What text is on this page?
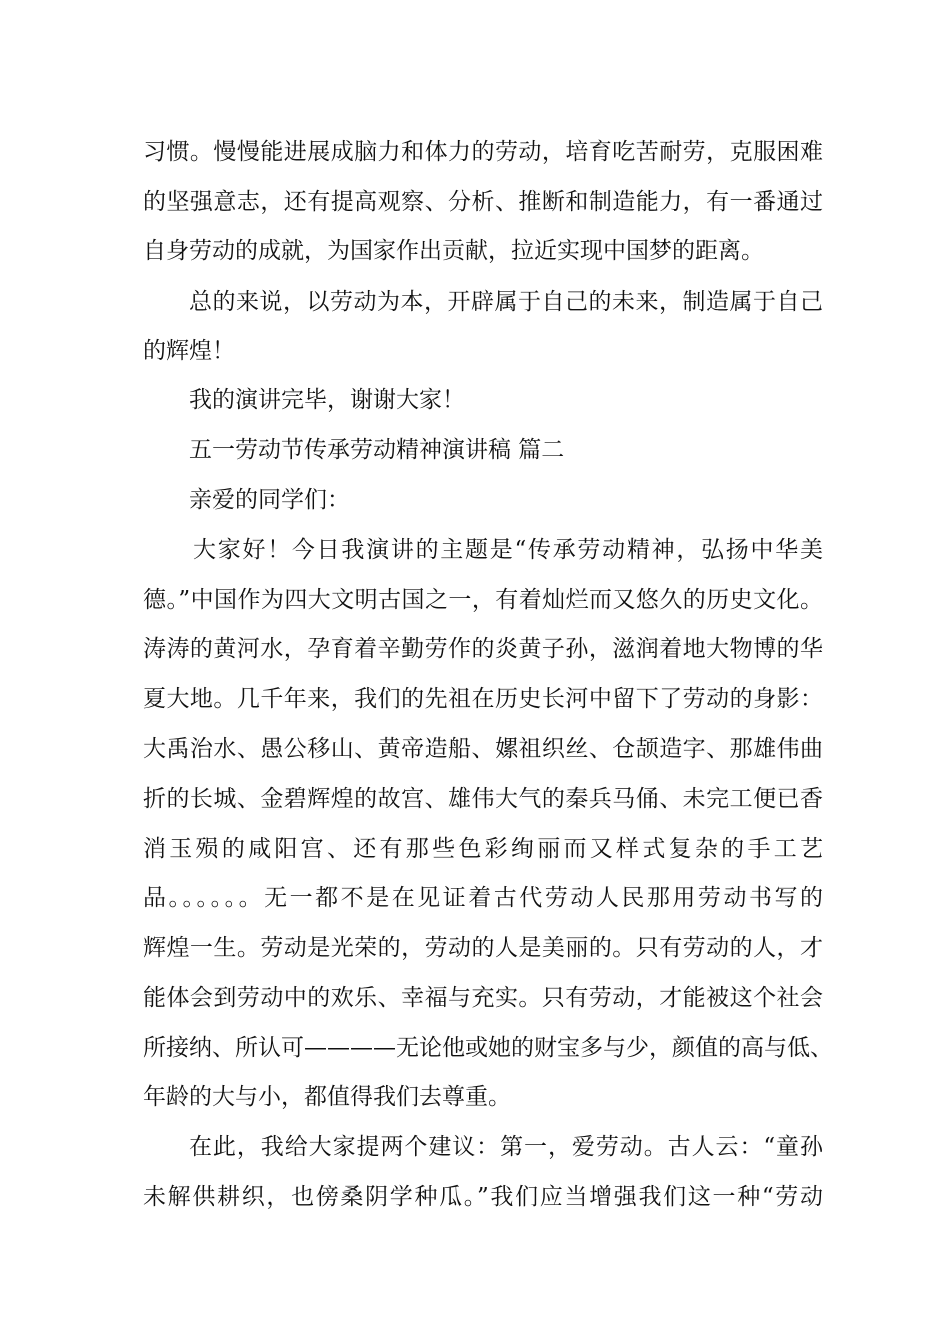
习惯。慢慢能进展成脑力和体力的劳动，培育吃苦耐劳，克服困难
的坚强意志，还有提高观察、分析、推断和制造能力，有一番通过
自身劳动的成就，为国家作出贡献，拉近实现中国梦的距离。
总的来说，以劳动为本，开辟属于自己的未来，制造属于自己
的辉煌！
我的演讲完毕，谢谢大家！
五一劳动节传承劳动精神演讲稿 篇二
亲爱的同学们：
大家好！今日我演讲的主题是“传承劳动精神，弘扬中华美
德。”中国作为四大文明古国之一，有着灿烂而又悠久的历史文化。
涛涛的黄河水，孕育着辛勤劳作的炎黄子孙，滋润着地大物博的华
夏大地。几千年来，我们的先祖在历史长河中留下了劳动的身影：
大禹治水、愚公移山、黄帝造船、嫘祖织丝、仓颉造字、那雄伟曲
折的长城、金碧辉煌的故宫、雄伟大气的秦兵马俑、未完工便已香
消玉殒的咸阳宫、还有那些色彩绚丽而又样式复杂的手工艺
品。。。。。。无一都不是在见证着古代劳动人民那用劳动书写的
辉煌一生。劳动是光荣的，劳动的人是美丽的。只有劳动的人，才
能体会到劳动中的欢乐、幸福与充实。只有劳动，才能被这个社会
所接纳、所认可————无论他或她的财宝多与少，颜值的高与低、
年龄的大与小，都值得我们去尊重。
在此，我给大家提两个建议：第一，爱劳动。古人云：“童孙
未解供耕织，也傍桑阴学种瓜。”我们应当增强我们这一种“劳动
